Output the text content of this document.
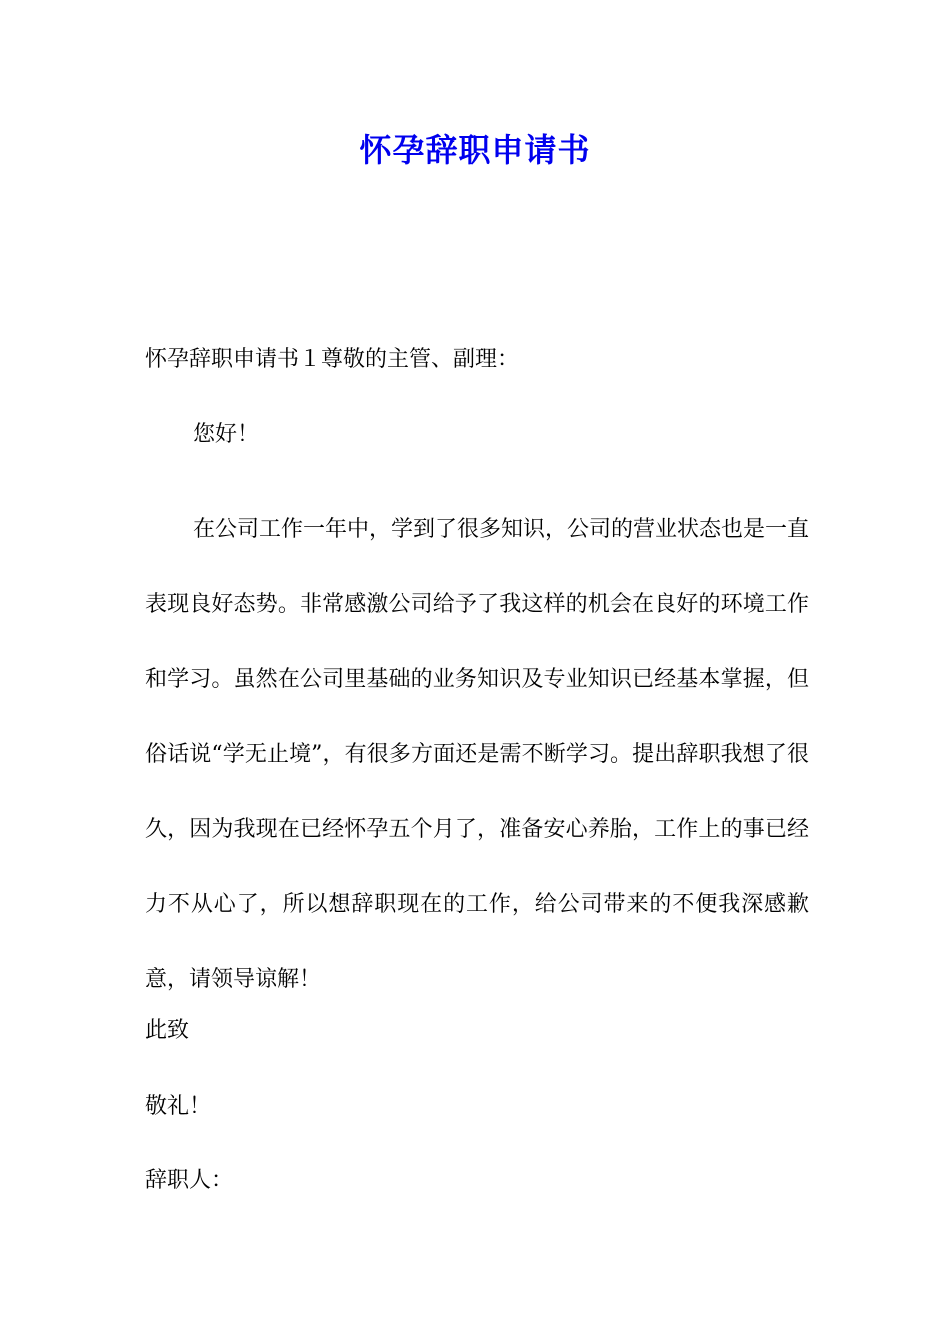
怀孕辞职申请书

怀孕辞职申请书１尊敬的主管、副理：

您好！

在公司工作一年中，学到了很多知识，公司的营业状态也是一直表现良好态势。非常感激公司给予了我这样的机会在良好的环境工作和学习。虽然在公司里基础的业务知识及专业知识已经基本掌握，但俗话说“学无止境”，有很多方面还是需不断学习。提出辞职我想了很久，因为我现在已经怀孕五个月了，准备安心养胎，工作上的事已经力不从心了，所以想辞职现在的工作，给公司带来的不便我深感歉意，请领导谅解！

此致

敬礼！

辞职人：
